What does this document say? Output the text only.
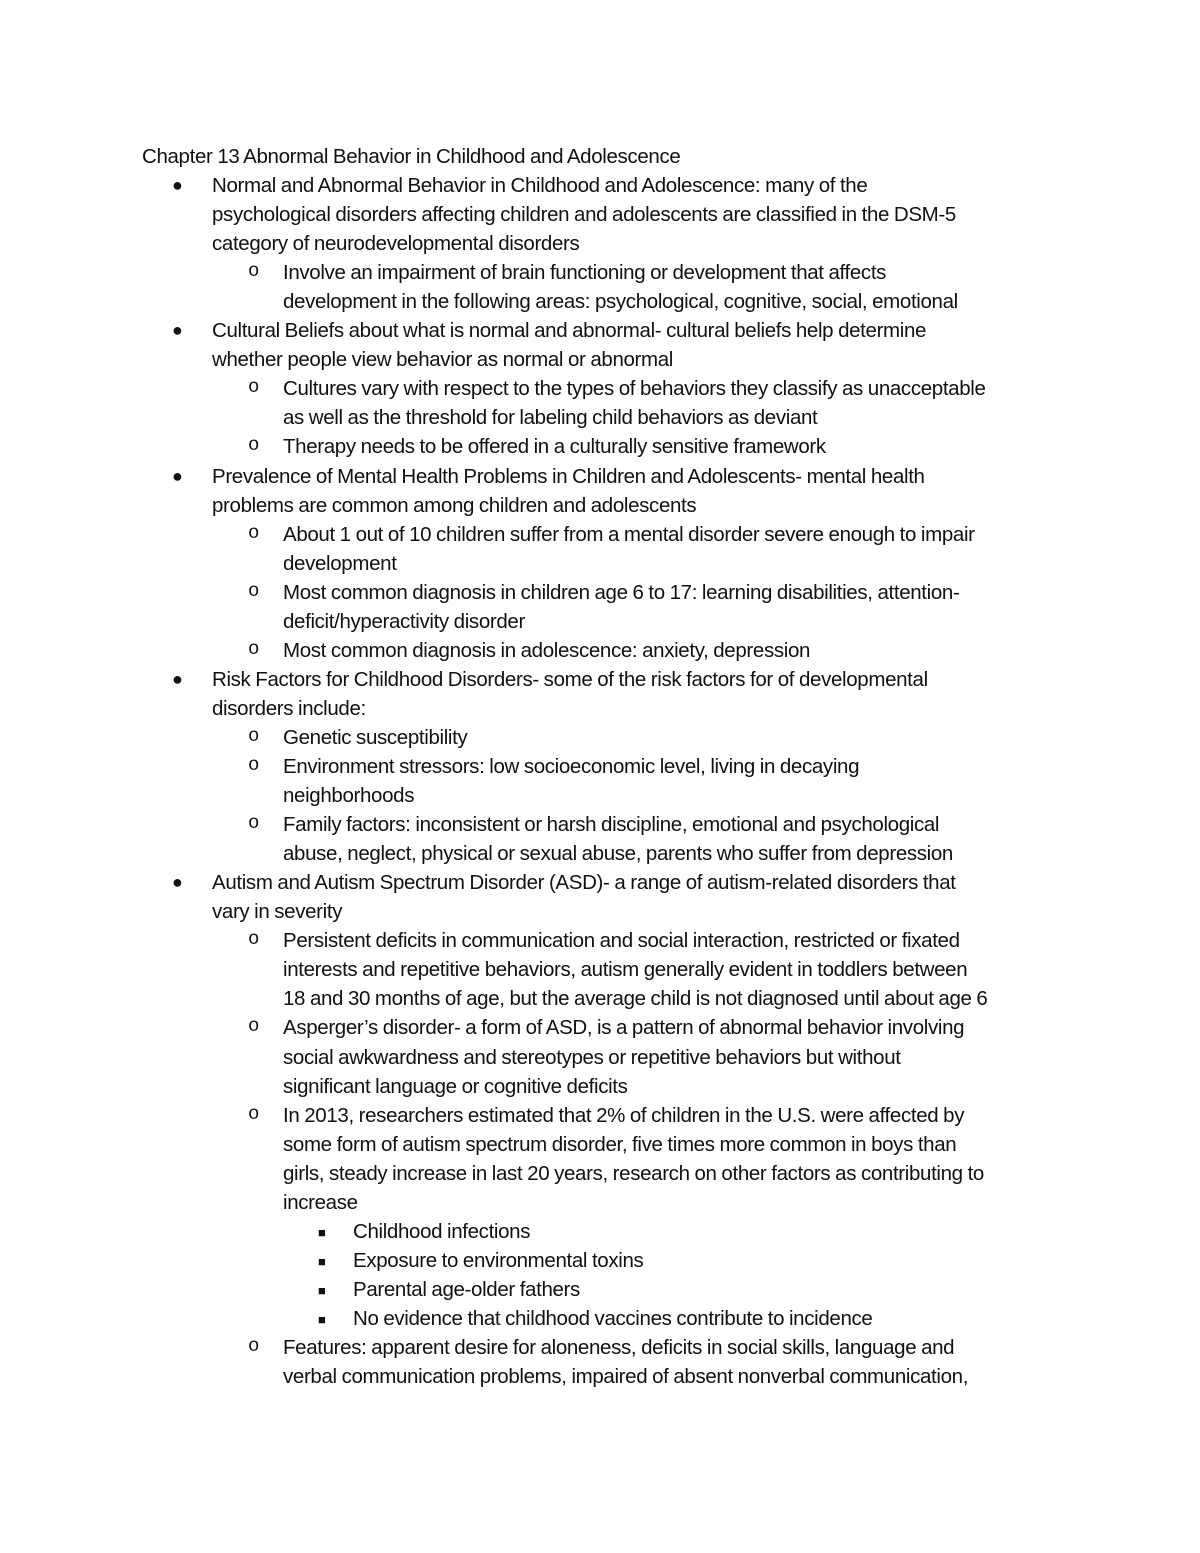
Chapter 13 Abnormal Behavior in Childhood and Adolescence
●	Normal and Abnormal Behavior in Childhood and Adolescence: many of the
psychological disorders affecting children and adolescents are classified in the DSM-5
category of neurodevelopmental disorders
o	Involve an impairment of brain functioning or development that affects
development in the following areas: psychological, cognitive, social, emotional
●	Cultural Beliefs about what is normal and abnormal- cultural beliefs help determine
whether people view behavior as normal or abnormal
o	Cultures vary with respect to the types of behaviors they classify as unacceptable
as well as the threshold for labeling child behaviors as deviant
o	Therapy needs to be offered in a culturally sensitive framework
●	Prevalence of Mental Health Problems in Children and Adolescents- mental health
problems are common among children and adolescents
o	About 1 out of 10 children suffer from a mental disorder severe enough to impair
development
o	Most common diagnosis in children age 6 to 17: learning disabilities, attention-
deficit/hyperactivity disorder
o	Most common diagnosis in adolescence: anxiety, depression
●	Risk Factors for Childhood Disorders- some of the risk factors for of developmental
disorders include:
o	Genetic susceptibility
o	Environment stressors: low socioeconomic level, living in decaying
neighborhoods
o	Family factors: inconsistent or harsh discipline, emotional and psychological
abuse, neglect, physical or sexual abuse, parents who suffer from depression
●	Autism and Autism Spectrum Disorder (ASD)- a range of autism-related disorders that
vary in severity
o	Persistent deficits in communication and social interaction, restricted or fixated
interests and repetitive behaviors, autism generally evident in toddlers between
18 and 30 months of age, but the average child is not diagnosed until about age 6
o	Asperger’s disorder- a form of ASD, is a pattern of abnormal behavior involving
social awkwardness and stereotypes or repetitive behaviors but without
significant language or cognitive deficits
o	In 2013, researchers estimated that 2% of children in the U.S. were affected by
some form of autism spectrum disorder, five times more common in boys than
girls, steady increase in last 20 years, research on other factors as contributing to
increase
■	Childhood infections
■	Exposure to environmental toxins
■	Parental age-older fathers
■	No evidence that childhood vaccines contribute to incidence
o	Features: apparent desire for aloneness, deficits in social skills, language and
verbal communication problems, impaired of absent nonverbal communication,
